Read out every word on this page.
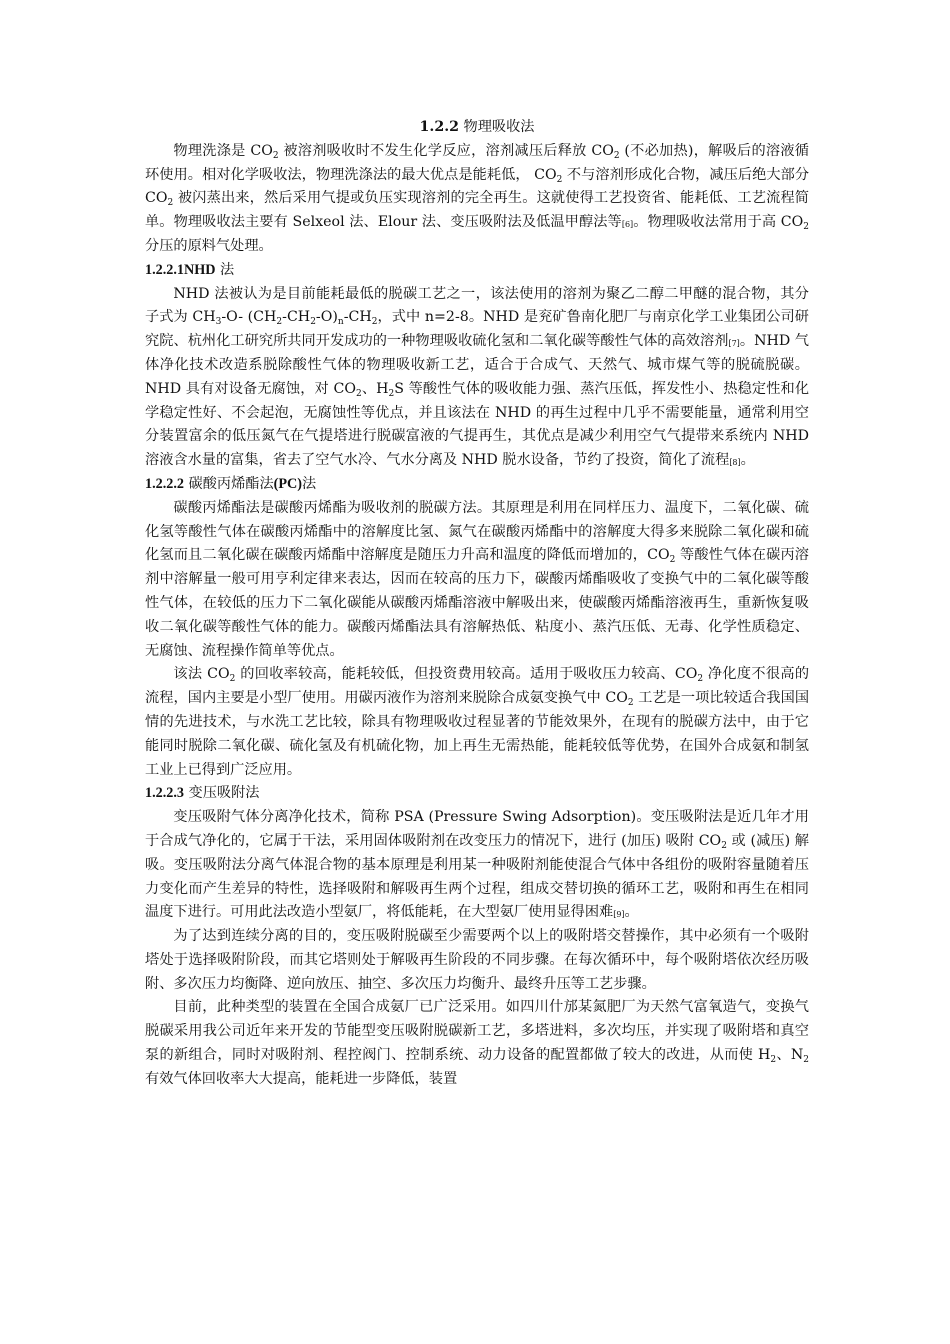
1.2.2 物理吸收法

物理洗涤是 $CO_2$ 被溶剂吸收时不发生化学反应，溶剂减压后释放 $CO_2$ (不必加热)，解吸后的溶液循环使用。相对化学吸收法，物理洗涤法的最大优点是能耗低， $CO_2$ 不与溶剂形成化合物，减压后绝大部分 $CO_2$ 被闪蒸出来，然后采用气提或负压实现溶剂的完全再生。这就使得工艺投资省、能耗低、工艺流程简单。物理吸收法主要有 Selxeol 法、Elour 法、变压吸附法及低温甲醇法等[6]。物理吸收法常用于高 $CO_2$ 分压的原料气处理。

1.2.2.1NHD 法

NHD 法被认为是目前能耗最低的脱碳工艺之一，该法使用的溶剂为聚乙二醇二甲醚的混合物，其分子式为 $CH_3-O-$ $(CH_2-CH_2-O)_n-CH_2$，式中 n=2-8。NHD 是兖矿鲁南化肥厂与南京化学工业集团公司研究院、杭州化工研究所共同开发成功的一种物理吸收硫化氢和二氧化碳等酸性气体的高效溶剂[7]。NHD 气体净化技术改造系脱除酸性气体的物理吸收新工艺，适合于合成气、天然气、城市煤气等的脱硫脱碳。NHD 具有对设备无腐蚀，对 $CO_2$、$H_2S$ 等酸性气体的吸收能力强、蒸汽压低，挥发性小、热稳定性和化学稳定性好、不会起泡，无腐蚀性等优点，并且该法在 NHD 的再生过程中几乎不需要能量，通常利用空分装置富余的低压氮气在气提塔进行脱碳富液的气提再生，其优点是减少利用空气气提带来系统内 NHD 溶液含水量的富集，省去了空气水冷、气水分离及 NHD 脱水设备，节约了投资，简化了流程[8]。

1.2.2.2 碳酸丙烯酯法(PC)法

碳酸丙烯酯法是碳酸丙烯酯为吸收剂的脱碳方法。其原理是利用在同样压力、温度下，二氧化碳、硫化氢等酸性气体在碳酸丙烯酯中的溶解度比氢、氮气在碳酸丙烯酯中的溶解度大得多来脱除二氧化碳和硫化氢而且二氧化碳在碳酸丙烯酯中溶解度是随压力升高和温度的降低而增加的，$CO_2$ 等酸性气体在碳丙溶剂中溶解量一般可用亨利定律来表达，因而在较高的压力下，碳酸丙烯酯吸收了变换气中的二氧化碳等酸性气体，在较低的压力下二氧化碳能从碳酸丙烯酯溶液中解吸出来，使碳酸丙烯酯溶液再生，重新恢复吸收二氧化碳等酸性气体的能力。碳酸丙烯酯法具有溶解热低、粘度小、蒸汽压低、无毒、化学性质稳定、无腐蚀、流程操作简单等优点。

该法 $CO_2$ 的回收率较高，能耗较低，但投资费用较高。适用于吸收压力较高、$CO_2$ 净化度不很高的流程，国内主要是小型厂使用。用碳丙液作为溶剂来脱除合成氨变换气中 $CO_2$ 工艺是一项比较适合我国国情的先进技术，与水洗工艺比较，除具有物理吸收过程显著的节能效果外，在现有的脱碳方法中，由于它能同时脱除二氧化碳、硫化氢及有机硫化物，加上再生无需热能，能耗较低等优势，在国外合成氨和制氢工业上已得到广泛应用。

1.2.2.3 变压吸附法

变压吸附气体分离净化技术，简称 PSA (Pressure Swing Adsorption)。变压吸附法是近几年才用于合成气净化的，它属于干法，采用固体吸附剂在改变压力的情况下，进行 (加压) 吸附 $CO_2$ 或 (减压) 解吸。变压吸附法分离气体混合物的基本原理是利用某一种吸附剂能使混合气体中各组份的吸附容量随着压力变化而产生差异的特性，选择吸附和解吸再生两个过程，组成交替切换的循环工艺，吸附和再生在相同温度下进行。可用此法改造小型氨厂，将低能耗，在大型氨厂使用显得困难[9]。

为了达到连续分离的目的，变压吸附脱碳至少需要两个以上的吸附塔交替操作，其中必须有一个吸附塔处于选择吸附阶段，而其它塔则处于解吸再生阶段的不同步骤。在每次循环中，每个吸附塔依次经历吸附、多次压力均衡降、逆向放压、抽空、多次压力均衡升、最终升压等工艺步骤。

目前，此种类型的装置在全国合成氨厂已广泛采用。如四川什邡某氮肥厂为天然气富氧造气，变换气脱碳采用我公司近年来开发的节能型变压吸附脱碳新工艺，多塔进料，多次均压，并实现了吸附塔和真空泵的新组合，同时对吸附剂、程控阀门、控制系统、动力设备的配置都做了较大的改进，从而使 $H_2$、$N_2$ 有效气体回收率大大提高，能耗进一步降低，装置
